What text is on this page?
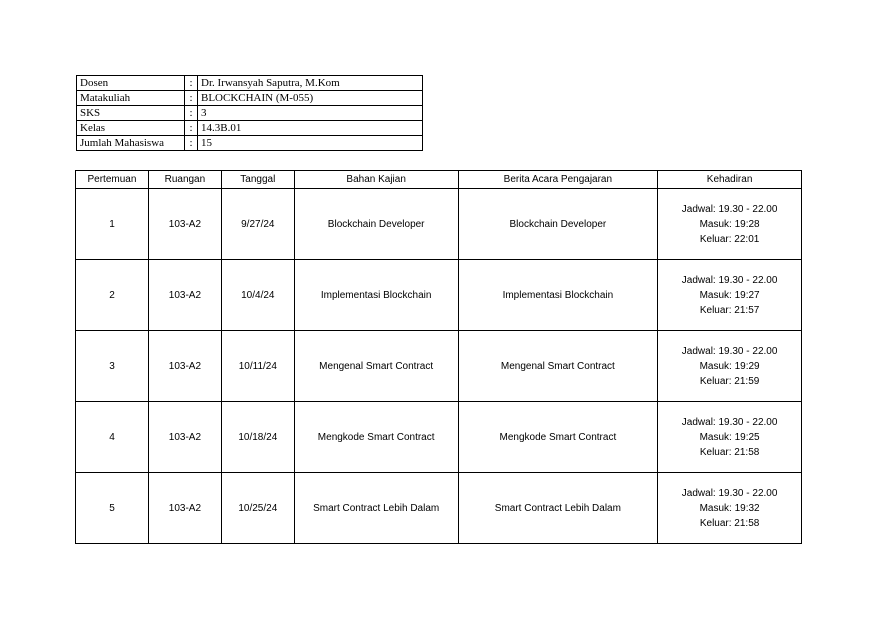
Dosen	:	Dr. Irwansyah Saputra, M.Kom
Matakuliah	:	BLOCKCHAIN (M-055)
SKS	:	3
Kelas	:	14.3B.01
Jumlah Mahasiswa	:	15
Pertemuan	Ruangan	Tanggal	Bahan Kajian	Berita Acara Pengajaran	Kehadiran
1	103-A2	9/27/24	Blockchain Developer	Blockchain Developer	Jadwal: 19.30 - 22.00
Masuk: 19:28
Keluar: 22:01

2	103-A2	10/4/24	Implementasi Blockchain	Implementasi Blockchain	Jadwal: 19.30 - 22.00
Masuk: 19:27
Keluar: 21:57

3	103-A2	10/11/24	Mengenal Smart Contract	Mengenal Smart Contract	Jadwal: 19.30 - 22.00
Masuk: 19:29
Keluar: 21:59

4	103-A2	10/18/24	Mengkode Smart Contract	Mengkode Smart Contract	Jadwal: 19.30 - 22.00
Masuk: 19:25
Keluar: 21:58

5	103-A2	10/25/24	Smart Contract Lebih Dalam	Smart Contract Lebih Dalam	Jadwal: 19.30 - 22.00
Masuk: 19:32
Keluar: 21:58
